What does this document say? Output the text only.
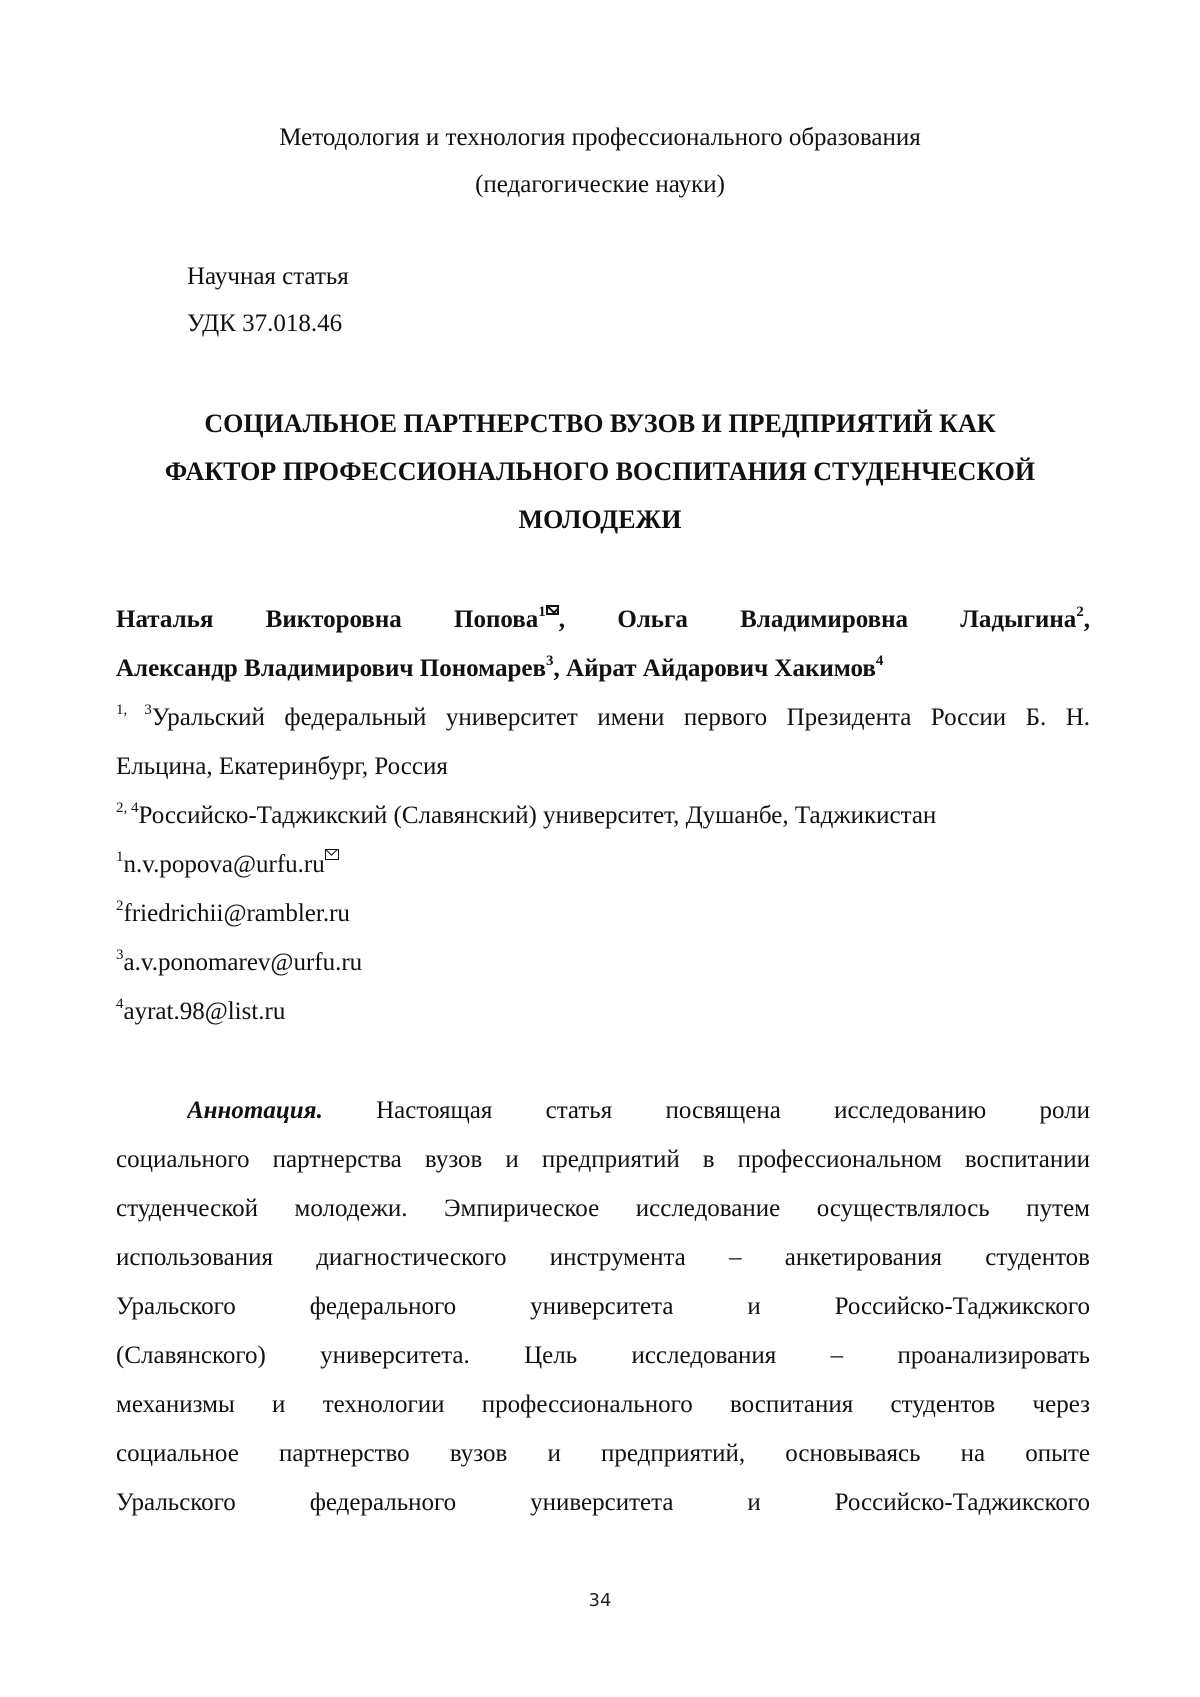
Методология и технология профессионального образования
(педагогические науки)
Научная статья
УДК 37.018.46
СОЦИАЛЬНОЕ ПАРТНЕРСТВО ВУЗОВ И ПРЕДПРИЯТИЙ КАК
ФАКТОР ПРОФЕССИОНАЛЬНОГО ВОСПИТАНИЯ СТУДЕНЧЕСКОЙ
МОЛОДЕЖИ
Наталья Викторовна Попова$^1$ , Ольга Владимировна Ладыгина$^2$,
Александр Владимирович Пономарев$^3$, Айрат Айдарович Хакимов$^4$
$^{1, 3}$Уральский федеральный университет имени первого Президента России Б. Н.
Ельцина, Екатеринбург, Россия
$^{2, 4}$Российско-Таджикский (Славянский) университет, Душанбе, Таджикистан
$^1$n.v.popova@urfu.ru
$^2$friedrichii@rambler.ru
$^3$a.v.ponomarev@urfu.ru
$^4$ayrat.98@list.ru
Аннотация. Настоящая статья посвящена исследованию роли
социального партнерства вузов и предприятий в профессиональном воспитании
студенческой молодежи. Эмпирическое исследование осуществлялось путем
использования диагностического инструмента – анкетирования студентов
Уральского федерального университета и Российско-Таджикского
(Славянского) университета. Цель исследования – проанализировать
механизмы и технологии профессионального воспитания студентов через
социальное партнерство вузов и предприятий, основываясь на опыте
Уральского федерального университета и Российско-Таджикского
34
